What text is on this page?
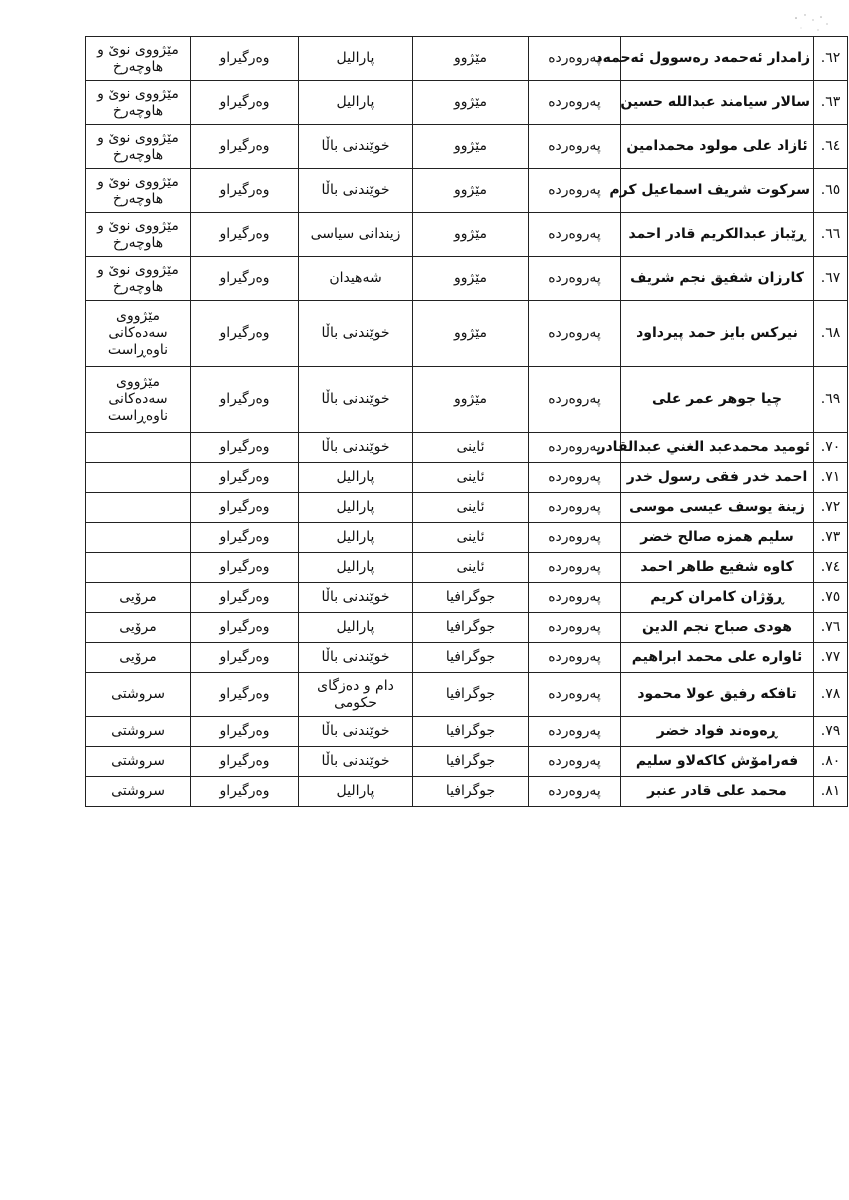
٦٢.	زامدار ئەحمەد رەسوول ئەحمەد	پەروەردە	مێژوو	پارالیل	وەرگیراو	مێژووی نوێ و هاوچەرخ
٦٣.	سالار سیامند عبدالله حسین	پەروەردە	مێژوو	پارالیل	وەرگیراو	مێژووی نوێ و هاوچەرخ
٦٤.	ئازاد علی مولود محمدامین	پەروەردە	مێژوو	خوێندنی باڵا	وەرگیراو	مێژووی نوێ و هاوچەرخ
٦٥.	سرکوت شریف اسماعیل کرم	پەروەردە	مێژوو	خوێندنی باڵا	وەرگیراو	مێژووی نوێ و هاوچەرخ
٦٦.	ڕێباز عبدالکریم قادر احمد	پەروەردە	مێژوو	زیندانی سیاسی	وەرگیراو	مێژووی نوێ و هاوچەرخ
٦٧.	کارزان شفیق نجم شریف	پەروەردە	مێژوو	شەهیدان	وەرگیراو	مێژووی نوێ و هاوچەرخ
٦٨.	نیرکس بایز حمد پیرداود	پەروەردە	مێژوو	خوێندنی باڵا	وەرگیراو	مێژووی سەدەکانی ناوەڕاست
٦٩.	چیا جوهر عمر علی	پەروەردە	مێژوو	خوێندنی باڵا	وەرگیراو	مێژووی سەدەکانی ناوەڕاست
٧٠.	ئومید محمدعبد الغني عبدالقادر	پەروەردە	ئاینی	خوێندنی باڵا	وەرگیراو	
٧١.	احمد خدر فقی رسول خدر	پەروەردە	ئاینی	پارالیل	وەرگیراو	
٧٢.	زینة یوسف عیسی موسی	پەروەردە	ئاینی	پارالیل	وەرگیراو	
٧٣.	سلیم همزه صالح خضر	پەروەردە	ئاینی	پارالیل	وەرگیراو	
٧٤.	کاوه شفیع طاهر احمد	پەروەردە	ئاینی	پارالیل	وەرگیراو	
٧٥.	ڕۆژان کامران کریم	پەروەردە	جوگرافیا	خوێندنی باڵا	وەرگیراو	مرۆیی
٧٦.	هودی صباح نجم الدین	پەروەردە	جوگرافیا	پارالیل	وەرگیراو	مرۆیی
٧٧.	ئاواره علی محمد ابراهیم	پەروەردە	جوگرافیا	خوێندنی باڵا	وەرگیراو	مرۆیی
٧٨.	تافکه رفیق عولا محمود	پەروەردە	جوگرافیا	دام و دەزگای حکومی	وەرگیراو	سروشتی
٧٩.	ڕەوەند فواد خضر	پەروەردە	جوگرافیا	خوێندنی باڵا	وەرگیراو	سروشتی
٨٠.	فەرامۆش کاکەلاو سلیم	پەروەردە	جوگرافیا	خوێندنی باڵا	وەرگیراو	سروشتی
٨١.	محمد علی قادر عنبر	پەروەردە	جوگرافیا	پارالیل	وەرگیراو	سروشتی
